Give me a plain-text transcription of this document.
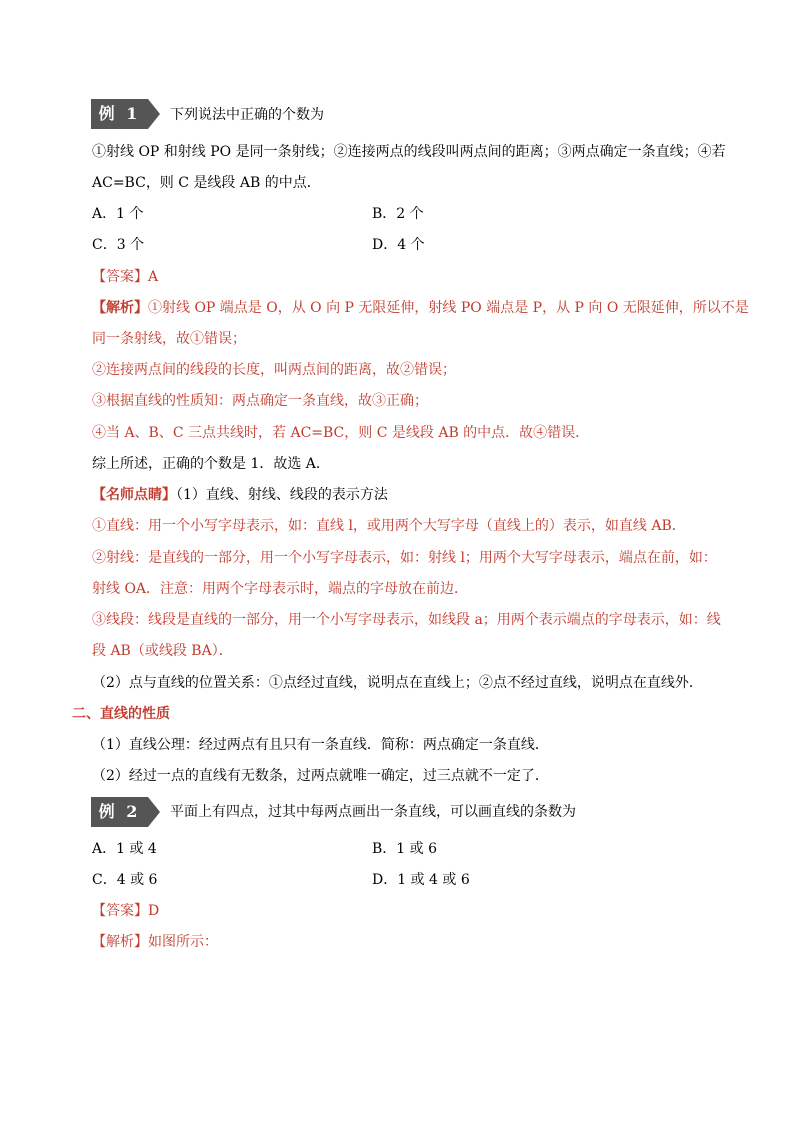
例 1	下列说法中正确的个数为
①射线 OP 和射线 PO 是同一条射线；②连接两点的线段叫两点间的距离；③两点确定一条直线；④若
AC=BC，则 C 是线段 AB 的中点．
A．1 个	B．2 个
C．3 个	D．4 个
【答案】A
【解析】①射线 OP 端点是 O，从 O 向 P 无限延伸，射线 PO 端点是 P，从 P 向 O 无限延伸，所以不是
同一条射线，故①错误；
②连接两点间的线段的长度，叫两点间的距离，故②错误；
③根据直线的性质知：两点确定一条直线，故③正确；
④当 A、B、C 三点共线时，若 AC=BC，则 C 是线段 AB 的中点．故④错误．
综上所述，正确的个数是 1．故选 A．
【名师点睛】（1）直线、射线、线段的表示方法
①直线：用一个小写字母表示，如：直线 l，或用两个大写字母（直线上的）表示，如直线 AB．
②射线：是直线的一部分，用一个小写字母表示，如：射线 l；用两个大写字母表示，端点在前，如：
射线 OA．注意：用两个字母表示时，端点的字母放在前边．
③线段：线段是直线的一部分，用一个小写字母表示，如线段 a；用两个表示端点的字母表示，如：线
段 AB（或线段 BA）．
（2）点与直线的位置关系：①点经过直线，说明点在直线上；②点不经过直线，说明点在直线外．
二、直线的性质
（1）直线公理：经过两点有且只有一条直线．简称：两点确定一条直线．
（2）经过一点的直线有无数条，过两点就唯一确定，过三点就不一定了．
例 2	平面上有四点，过其中每两点画出一条直线，可以画直线的条数为
A．1 或 4	B．1 或 6
C．4 或 6	D．1 或 4 或 6
【答案】D
【解析】如图所示：
